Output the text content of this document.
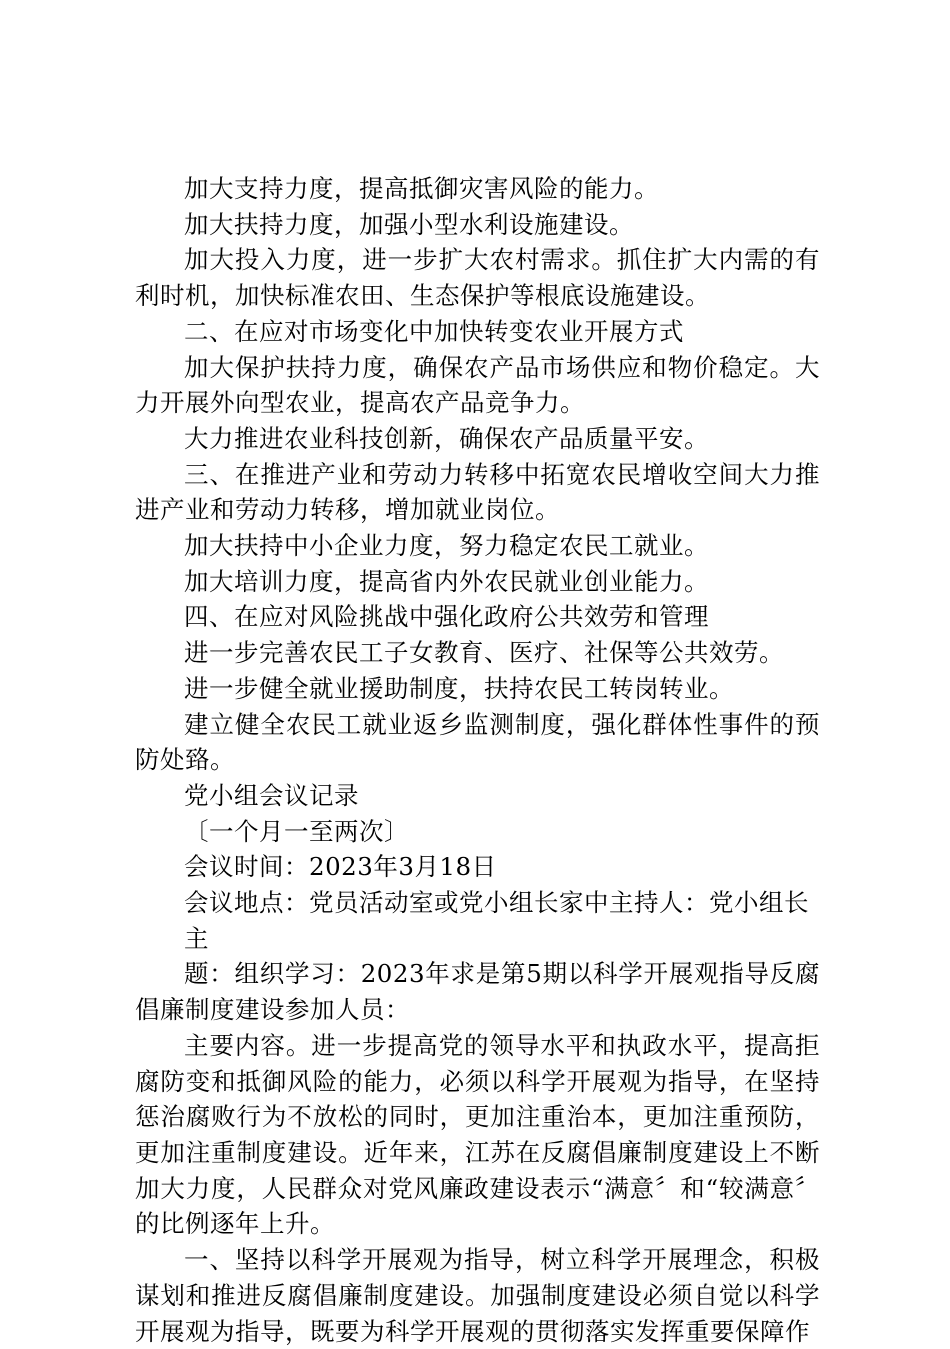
加大支持力度，提高抵御灾害风险的能力。

加大扶持力度，加强小型水利设施建设。

加大投入力度，进一步扩大农村需求。抓住扩大内需的有利时机，加快标准农田、生态保护等根底设施建设。

二、在应对市场变化中加快转变农业开展方式

加大保护扶持力度，确保农产品市场供应和物价稳定。大力开展外向型农业，提高农产品竞争力。

大力推进农业科技创新，确保农产品质量平安。

三、在推进产业和劳动力转移中拓宽农民增收空间大力推进产业和劳动力转移，增加就业岗位。

加大扶持中小企业力度，努力稳定农民工就业。

加大培训力度，提高省内外农民就业创业能力。

四、在应对风险挑战中强化政府公共效劳和管理

进一步完善农民工子女教育、医疗、社保等公共效劳。

进一步健全就业援助制度，扶持农民工转岗转业。

建立健全农民工就业返乡监测制度，强化群体性事件的预防处臵。

党小组会议记录

〔一个月一至两次〕

会议时间：2023年3月18日

会议地点：党员活动室或党小组长家中主持人：党小组长

主

题：组织学习：2023年求是第5期以科学开展观指导反腐倡廉制度建设参加人员：

主要内容。进一步提高党的领导水平和执政水平，提高拒腐防变和抵御风险的能力，必须以科学开展观为指导，在坚持惩治腐败行为不放松的同时，更加注重治本，更加注重预防，更加注重制度建设。近年来，江苏在反腐倡廉制度建设上不断加大力度，人民群众对党风廉政建设表示“满意〞和“较满意〞的比例逐年上升。

一、坚持以科学开展观为指导，树立科学开展理念，积极谋划和推进反腐倡廉制度建设。加强制度建设必须自觉以科学开展观为指导，既要为科学开展观的贯彻落实发挥重要保障作
